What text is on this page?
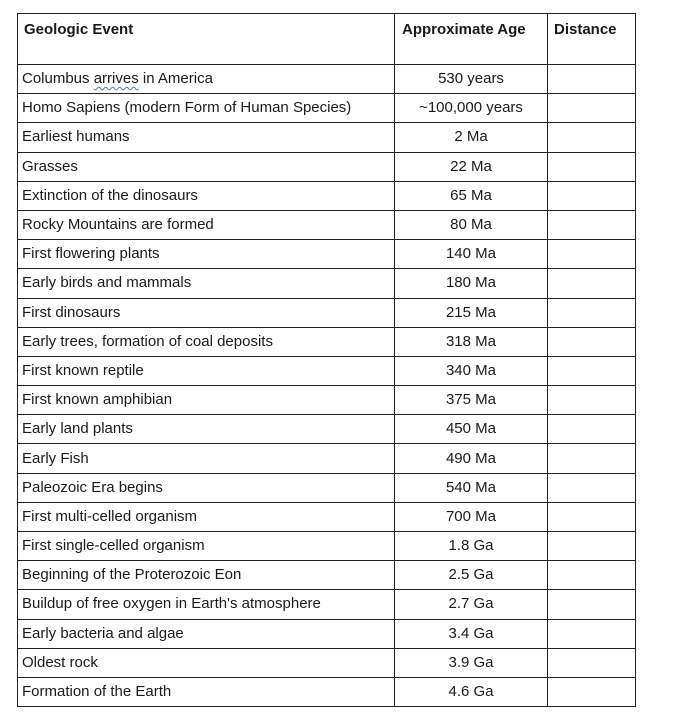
Geologic Event	Approximate Age	Distance
Columbus arrives in America	530 years	
Homo Sapiens (modern Form of Human Species)	~100,000 years	
Earliest humans	2 Ma	
Grasses	22 Ma	
Extinction of the dinosaurs	65 Ma	
Rocky Mountains are formed	80 Ma	
First flowering plants	140 Ma	
Early birds and mammals	180 Ma	
First dinosaurs	215 Ma	
Early trees, formation of coal deposits	318 Ma	
First known reptile	340 Ma	
First known amphibian	375 Ma	
Early land plants	450 Ma	
Early Fish	490 Ma	
Paleozoic Era begins	540 Ma	
First multi-celled organism	700 Ma	
First single-celled organism	1.8 Ga	
Beginning of the Proterozoic Eon	2.5 Ga	
Buildup of free oxygen in Earth's atmosphere	2.7 Ga	
Early bacteria and algae	3.4 Ga	
Oldest rock	3.9 Ga	
Formation of the Earth	4.6 Ga	
